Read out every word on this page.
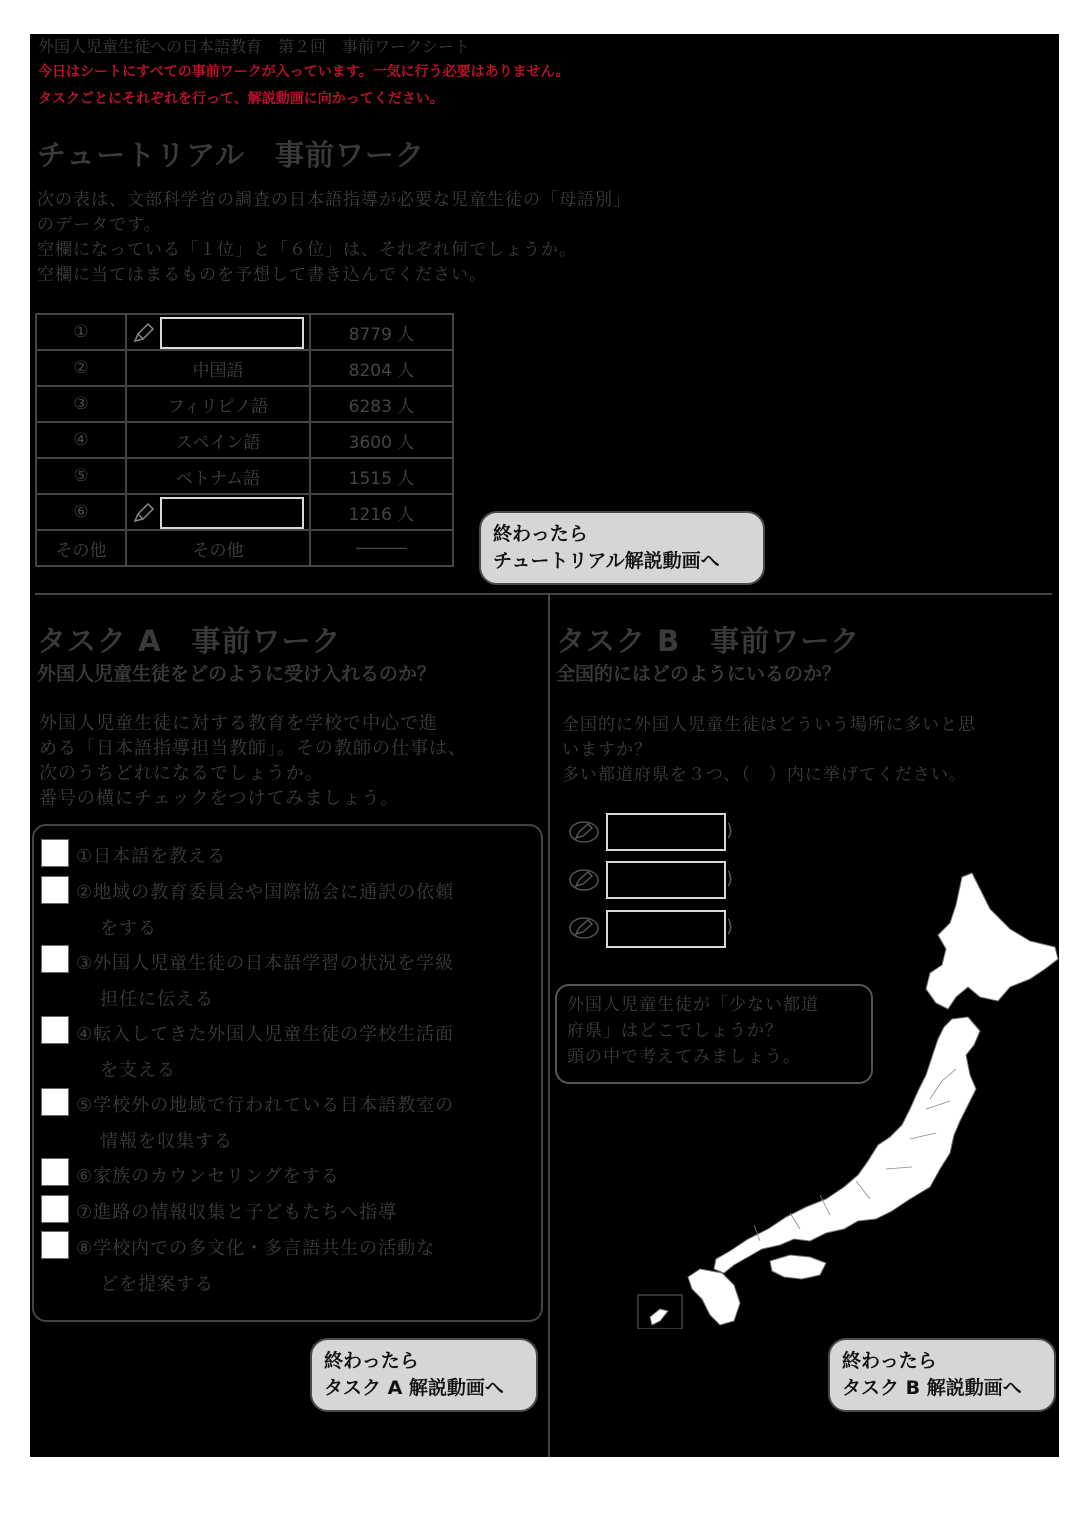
外国人児童生徒への日本語教育　第２回　事前ワークシート
今日はシートにすべての事前ワークが入っています。一気に行う必要はありません。
タスクごとにそれぞれを行って、解説動画に向かってください。
チュートリアル　事前ワーク
次の表は、文部科学省の調査の日本語指導が必要な児童生徒の「母語別」
のデータです。
空欄になっている「１位」と「６位」は、それぞれ何でしょうか。
空欄に当てはまるものを予想して書き込んでください。
①		8779 人
②	中国語	8204 人
③	フィリピノ語	6283 人
④	スペイン語	3600 人
⑤	ベトナム語	1515 人
⑥		1216 人
その他	その他	―――
終わったら
チュートリアル解説動画へ
タスク A　事前ワーク
外国人児童生徒をどのように受け入れるのか？
外国人児童生徒に対する教育を学校で中心で進
める「日本語指導担当教師」。その教師の仕事は、
次のうちどれになるでしょうか。
番号の横にチェックをつけてみましょう。
①日本語を教える
②地域の教育委員会や国際協会に通訳の依頼
をする
③外国人児童生徒の日本語学習の状況を学級
担任に伝える
④転入してきた外国人児童生徒の学校生活面
を支える
⑤学校外の地域で行われている日本語教室の
情報を収集する
⑥家族のカウンセリングをする
⑦進路の情報収集と子どもたちへ指導
⑧学校内での多文化・多言語共生の活動な
どを提案する
終わったら
タスク A 解説動画へ
タスク B　事前ワーク
全国的にはどのようにいるのか？
全国的に外国人児童生徒はどういう場所に多いと思
いますか？
多い都道府県を３つ、（　）内に挙げてください。
)
)
)
外国人児童生徒が「少ない都道
府県」はどこでしょうか？
頭の中で考えてみましょう。
終わったら
タスク B 解説動画へ
